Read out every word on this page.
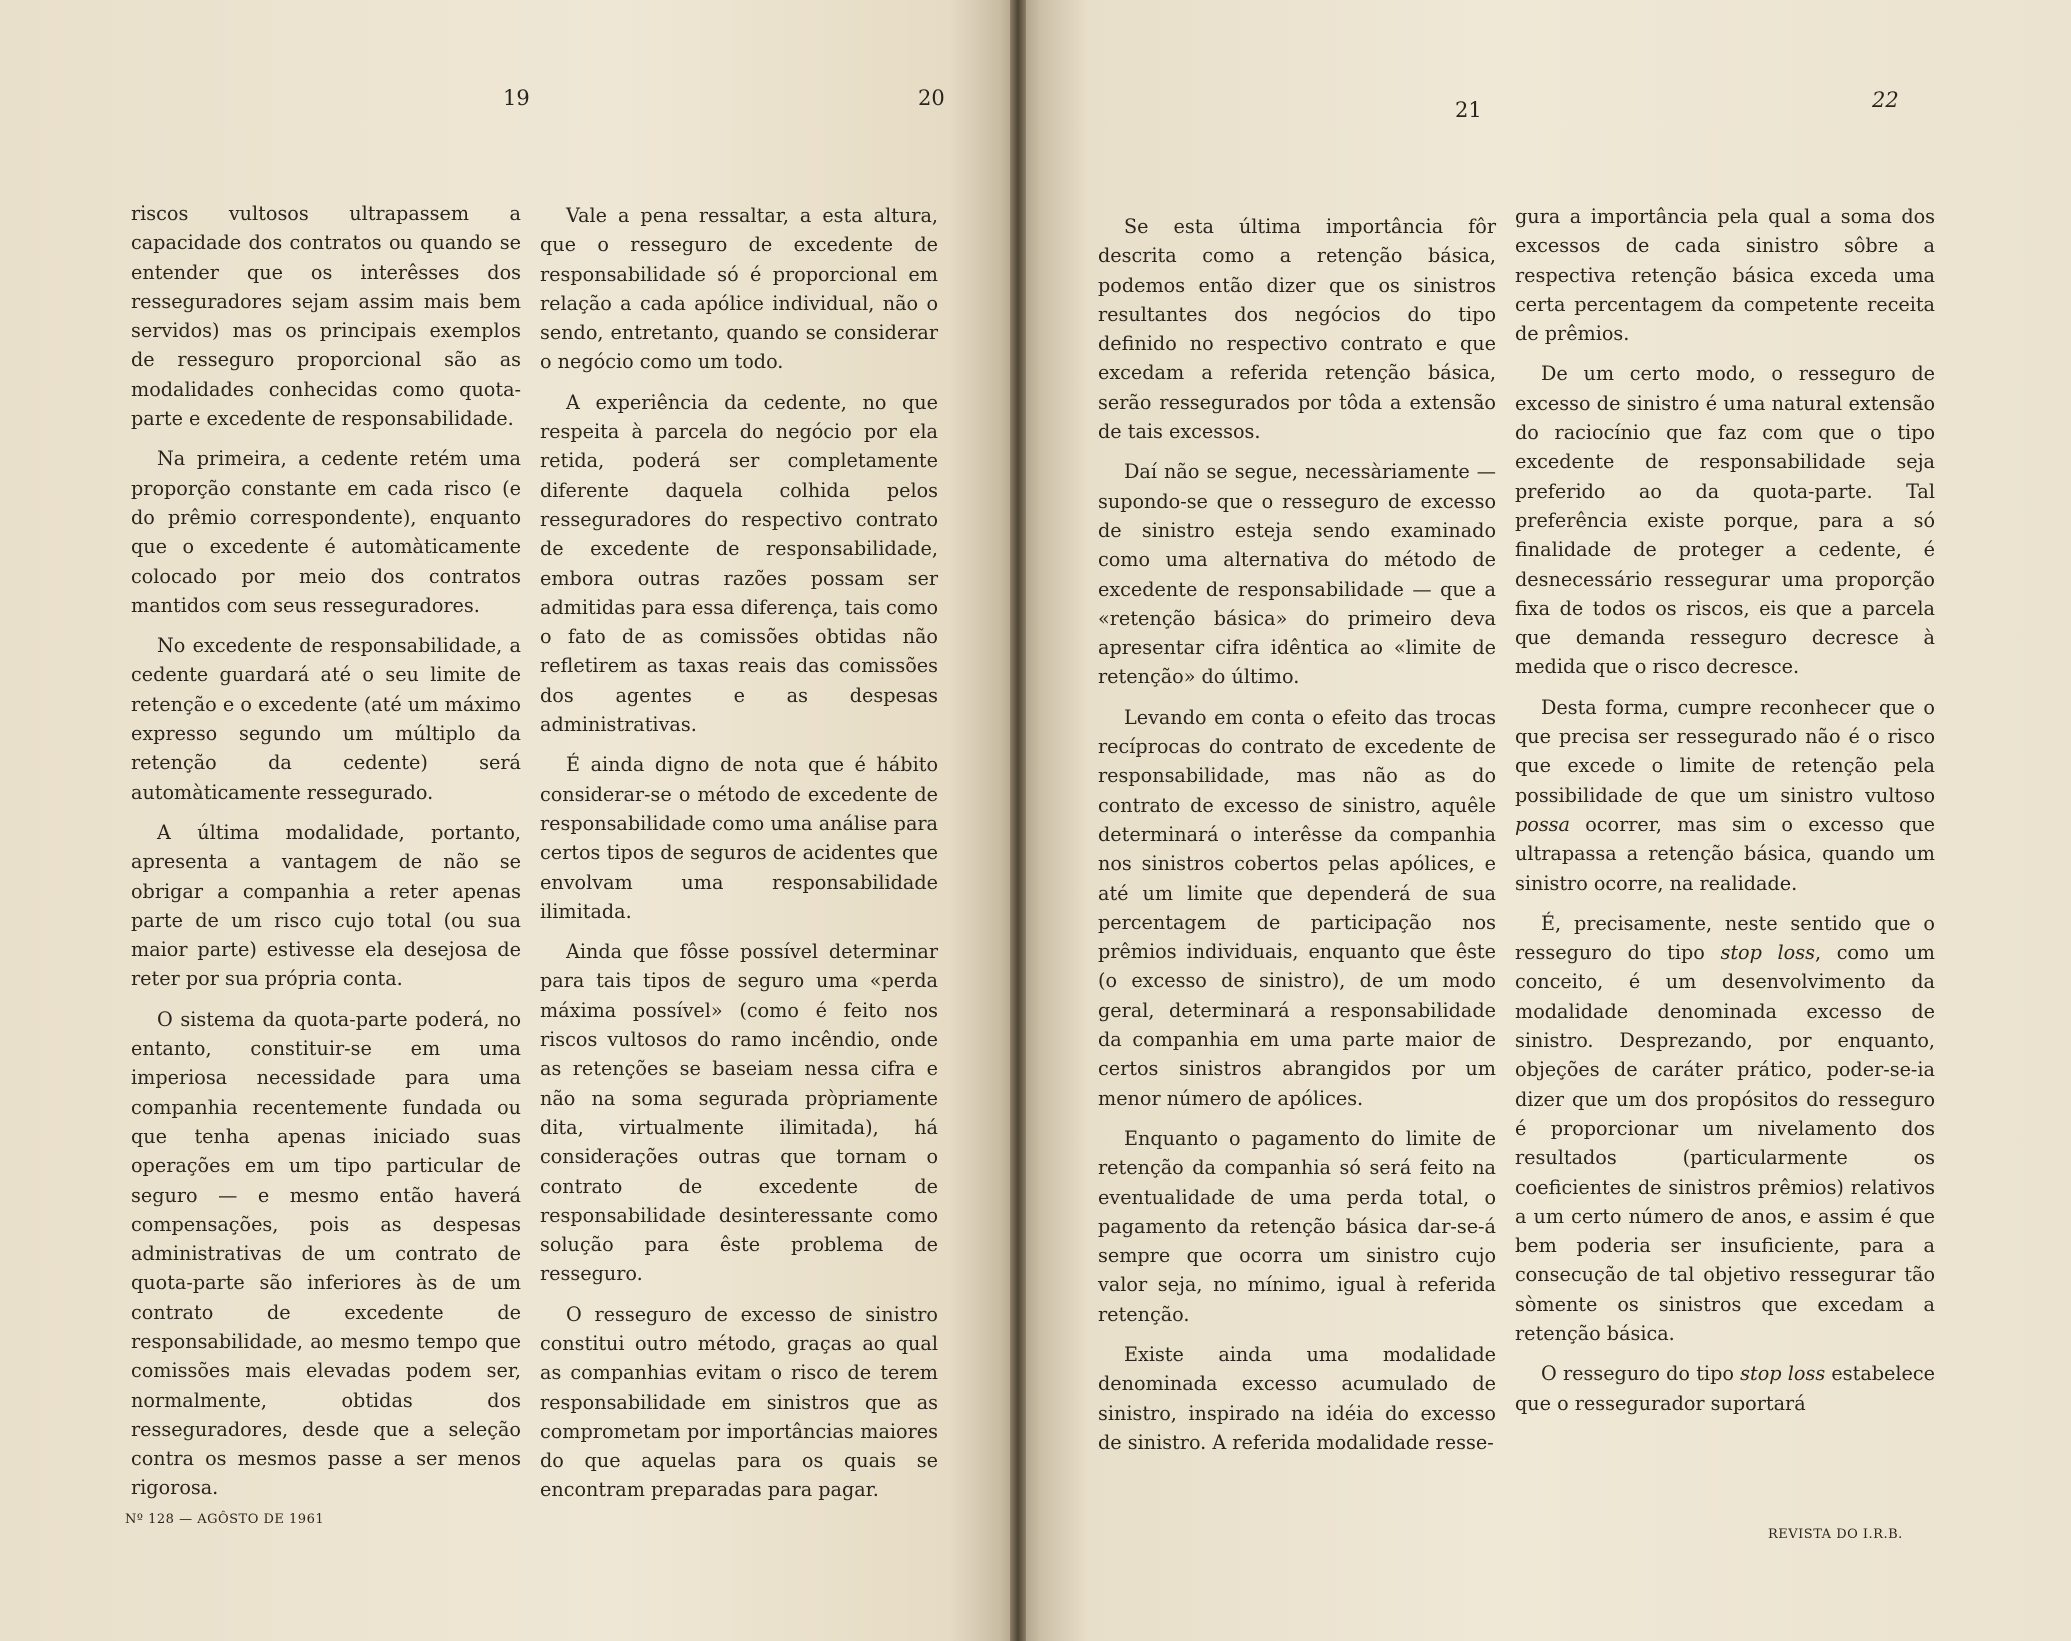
19	20	21	22

riscos vultosos ultrapassem a capacidade dos contratos ou quando se entender que os interêsses dos resseguradores sejam assim mais bem servidos) mas os principais exemplos de resseguro proporcional são as modalidades conhecidas como quota-parte e excedente de responsabilidade.

Na primeira, a cedente retém uma proporção constante em cada risco (e do prêmio correspondente), enquanto que o excedente é automàticamente colocado por meio dos contratos mantidos com seus resseguradores.

No excedente de responsabilidade, a cedente guardará até o seu limite de retenção e o excedente (até um máximo expresso segundo um múltiplo da retenção da cedente) será automàticamente ressegurado.

A última modalidade, portanto, apresenta a vantagem de não se obrigar a companhia a reter apenas parte de um risco cujo total (ou sua maior parte) estivesse ela desejosa de reter por sua própria conta.

O sistema da quota-parte poderá, no entanto, constituir-se em uma imperiosa necessidade para uma companhia recentemente fundada ou que tenha apenas iniciado suas operações em um tipo particular de seguro — e mesmo então haverá compensações, pois as despesas administrativas de um contrato de quota-parte são inferiores às de um contrato de excedente de responsabilidade, ao mesmo tempo que comissões mais elevadas podem ser, normalmente, obtidas dos resseguradores, desde que a seleção contra os mesmos passe a ser menos rigorosa.

Vale a pena ressaltar, a esta altura, que o resseguro de excedente de responsabilidade só é proporcional em relação a cada apólice individual, não o sendo, entretanto, quando se considerar o negócio como um todo.

A experiência da cedente, no que respeita à parcela do negócio por ela retida, poderá ser completamente diferente daquela colhida pelos resseguradores do respectivo contrato de excedente de responsabilidade, embora outras razões possam ser admitidas para essa diferença, tais como o fato de as comissões obtidas não refletirem as taxas reais das comissões dos agentes e as despesas administrativas.

É ainda digno de nota que é hábito considerar-se o método de excedente de responsabilidade como uma análise para certos tipos de seguros de acidentes que envolvam uma responsabilidade ilimitada.

Ainda que fôsse possível determinar para tais tipos de seguro uma «perda máxima possível» (como é feito nos riscos vultosos do ramo incêndio, onde as retenções se baseiam nessa cifra e não na soma segurada pròpriamente dita, virtualmente ilimitada), há considerações outras que tornam o contrato de excedente de responsabilidade desinteressante como solução para êste problema de resseguro.

O resseguro de excesso de sinistro constitui outro método, graças ao qual as companhias evitam o risco de terem responsabilidade em sinistros que as comprometam por importâncias maiores do que aquelas para os quais se encontram preparadas para pagar.

Se esta última importância fôr descrita como a retenção básica, podemos então dizer que os sinistros resultantes dos negócios do tipo definido no respectivo contrato e que excedam a referida retenção básica, serão ressegurados por tôda a extensão de tais excessos.

Daí não se segue, necessàriamente — supondo-se que o resseguro de excesso de sinistro esteja sendo examinado como uma alternativa do método de excedente de responsabilidade — que a «retenção básica» do primeiro deva apresentar cifra idêntica ao «limite de retenção» do último.

Levando em conta o efeito das trocas recíprocas do contrato de excedente de responsabilidade, mas não as do contrato de excesso de sinistro, aquêle determinará o interêsse da companhia nos sinistros cobertos pelas apólices, e até um limite que dependerá de sua percentagem de participação nos prêmios individuais, enquanto que êste (o excesso de sinistro), de um modo geral, determinará a responsabilidade da companhia em uma parte maior de certos sinistros abrangidos por um menor número de apólices.

Enquanto o pagamento do limite de retenção da companhia só será feito na eventualidade de uma perda total, o pagamento da retenção básica dar-se-á sempre que ocorra um sinistro cujo valor seja, no mínimo, igual à referida retenção.

Existe ainda uma modalidade denominada excesso acumulado de sinistro, inspirado na idéia do excesso de sinistro. A referida modalidade resse-

gura a importância pela qual a soma dos excessos de cada sinistro sôbre a respectiva retenção básica exceda uma certa percentagem da competente receita de prêmios.

De um certo modo, o resseguro de excesso de sinistro é uma natural extensão do raciocínio que faz com que o tipo excedente de responsabilidade seja preferido ao da quota-parte. Tal preferência existe porque, para a só finalidade de proteger a cedente, é desnecessário ressegurar uma proporção fixa de todos os riscos, eis que a parcela que demanda resseguro decresce à medida que o risco decresce.

Desta forma, cumpre reconhecer que o que precisa ser ressegurado não é o risco que excede o limite de retenção pela possibilidade de que um sinistro vultoso possa ocorrer, mas sim o excesso que ultrapassa a retenção básica, quando um sinistro ocorre, na realidade.

É, precisamente, neste sentido que o resseguro do tipo stop loss, como um conceito, é um desenvolvimento da modalidade denominada excesso de sinistro. Desprezando, por enquanto, objeções de caráter prático, poder-se-ia dizer que um dos propósitos do resseguro é proporcionar um nivelamento dos resultados (particularmente os coeficientes de sinistros prêmios) relativos a um certo número de anos, e assim é que bem poderia ser insuficiente, para a consecução de tal objetivo ressegurar tão sòmente os sinistros que excedam a retenção básica.

O resseguro do tipo stop loss estabelece que o ressegurador suportará

Nº 128 — AGÔSTO DE 1961
REVISTA DO I.R.B.
